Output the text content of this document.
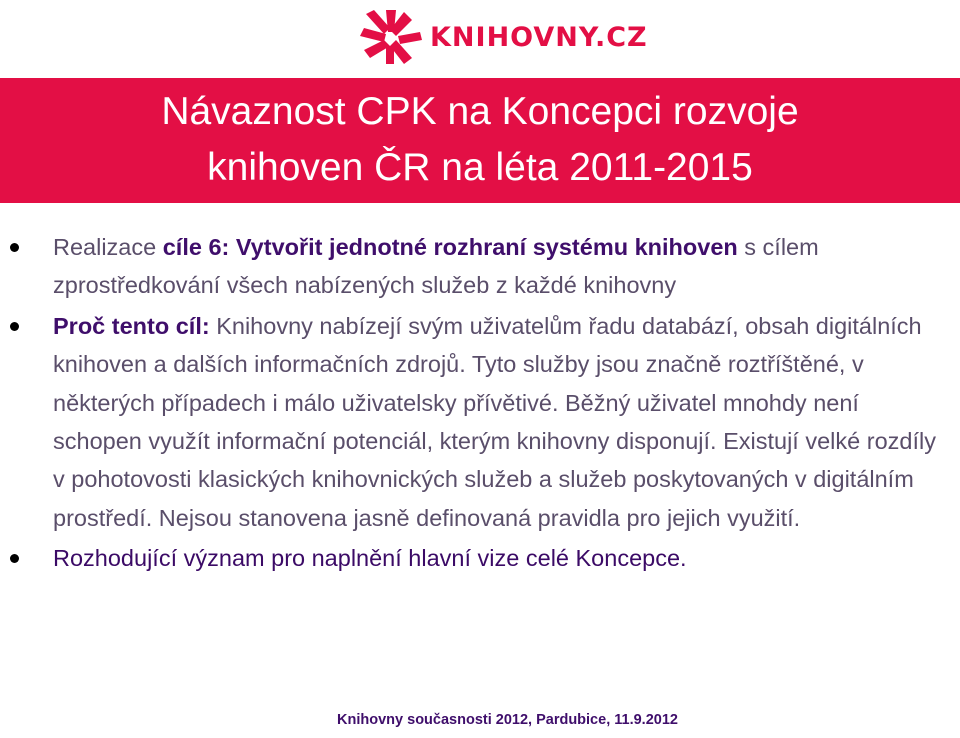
KNIHOVNY.CZ
Návaznost CPK na Koncepci rozvoje
knihoven ČR na léta 2011-2015
Realizace cíle 6: Vytvořit jednotné rozhraní systému knihoven s cílem zprostředkování všech nabízených služeb z každé knihovny
Proč tento cíl: Knihovny nabízejí svým uživatelům řadu databází, obsah digitálních knihoven a dalších informačních zdrojů. Tyto služby jsou značně roztříštěné, v některých případech i málo uživatelsky přívětivé. Běžný uživatel mnohdy není schopen využít informační potenciál, kterým knihovny disponují. Existují velké rozdíly v pohotovosti klasických knihovnických služeb a služeb poskytovaných v digitálním prostředí. Nejsou stanovena jasně definovaná pravidla pro jejich využití.
Rozhodující význam pro naplnění hlavní vize celé Koncepce.
Knihovny současnosti 2012, Pardubice, 11.9.2012
